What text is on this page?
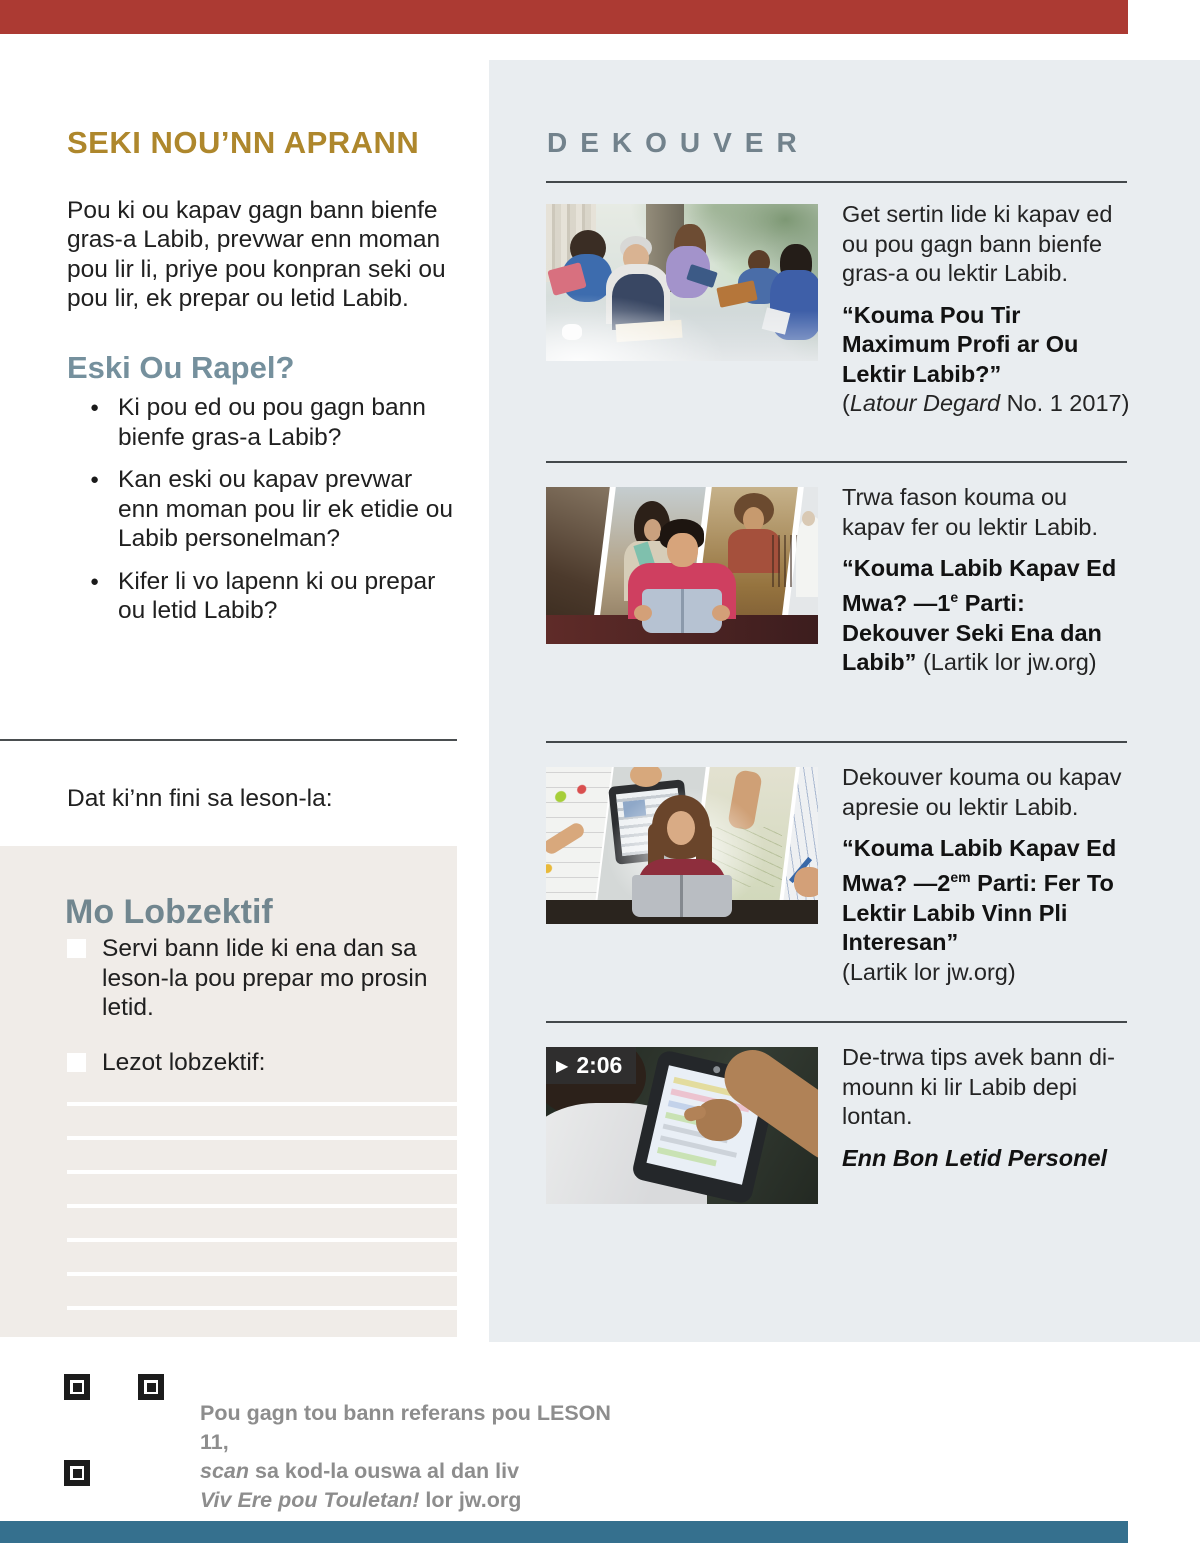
SEKI NOU’NN APRANN

Pou ki ou kapav gagn bann bienfe gras-a Labib, prevwar enn moman pou lir li, priye pou konpran seki ou pou lir, ek prepar ou letid Labib.

Eski Ou Rapel?
● Ki pou ed ou pou gagn bann bienfe gras-a Labib?
● Kan eski ou kapav prevwar enn moman pou lir ek etidie ou Labib personelman?
● Kifer li vo lapenn ki ou prepar ou letid Labib?

Dat ki’nn fini sa leson-la:

Mo Lobzektif

Servi bann lide ki ena dan sa leson-la pou prepar mo prosin letid.

Lezot lobzektif:

Pou gagn tou bann referans pou LESON 11,

scan sa kod-la ouswa al dan liv

Viv Ere pou Touletan! lor jw.org

DEKOUVER

Get sertin lide ki kapav ed ou pou gagn bann bienfe gras-a ou lektir Labib.

“Kouma Pou Tir Maximum Profi ar Ou Lektir Labib?”

(Latour Degard No. 1 2017)

Trwa fason kouma ou kapav fer ou lektir Labib.

“Kouma Labib Kapav Ed Mwa? —1e Parti: Dekouver Seki Ena dan Labib” (Lartik lor jw.org)

Dekouver kouma ou kapav apresie ou lektir Labib.

“Kouma Labib Kapav Ed Mwa? $—2^{em}$ Parti: Fer To Lektir Labib Vinn Pli Interesan”

(Lartik lor jw.org)

▶ 2:06	De-trwa tips avek bann di-mounn ki lir Labib depi lontan.

Enn Bon Letid Personel
